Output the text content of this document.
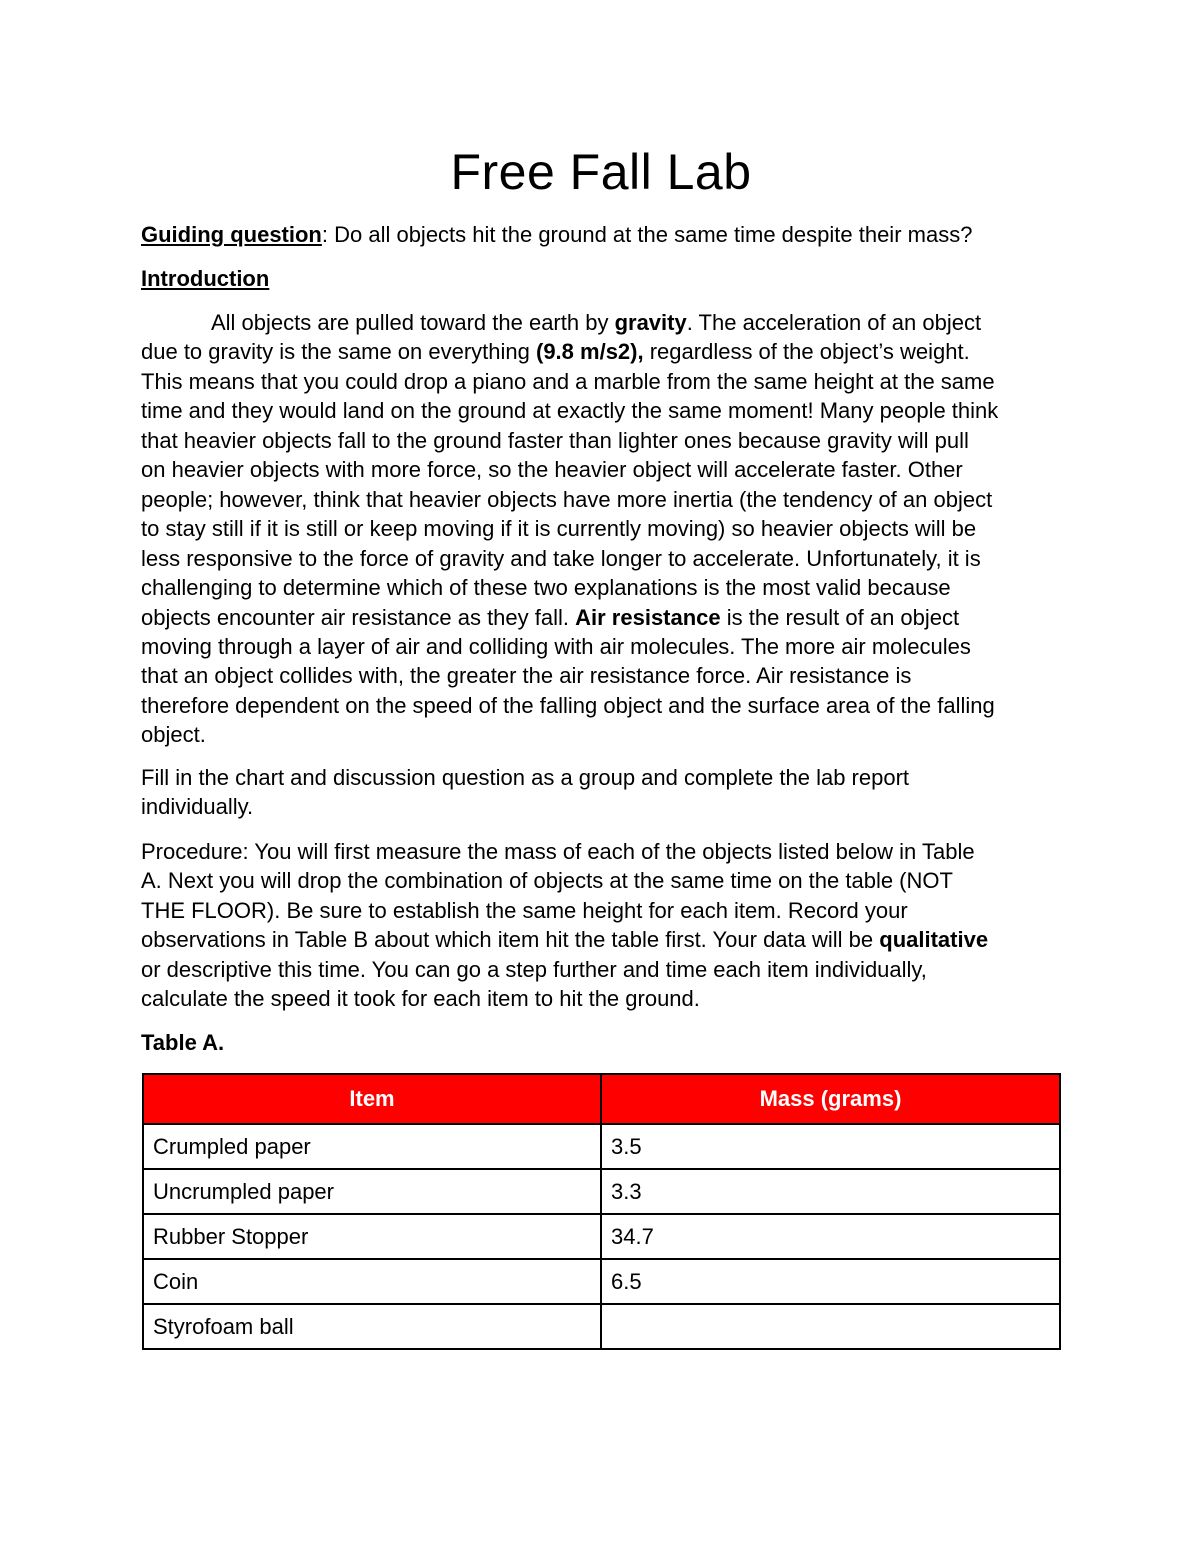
Free Fall Lab
Guiding question: Do all objects hit the ground at the same time despite their mass?
Introduction

All objects are pulled toward the earth by gravity. The acceleration of an object
due to gravity is the same on everything (9.8 m/s2), regardless of the object’s weight.
This means that you could drop a piano and a marble from the same height at the same
time and they would land on the ground at exactly the same moment! Many people think
that heavier objects fall to the ground faster than lighter ones because gravity will pull
on heavier objects with more force, so the heavier object will accelerate faster. Other
people; however, think that heavier objects have more inertia (the tendency of an object
to stay still if it is still or keep moving if it is currently moving) so heavier objects will be
less responsive to the force of gravity and take longer to accelerate. Unfortunately, it is
challenging to determine which of these two explanations is the most valid because
objects encounter air resistance as they fall. Air resistance is the result of an object
moving through a layer of air and colliding with air molecules. The more air molecules
that an object collides with, the greater the air resistance force. Air resistance is
therefore dependent on the speed of the falling object and the surface area of the falling
object.

Fill in the chart and discussion question as a group and complete the lab report
individually.

Procedure: You will first measure the mass of each of the objects listed below in Table
A. Next you will drop the combination of objects at the same time on the table (NOT
THE FLOOR). Be sure to establish the same height for each item. Record your
observations in Table B about which item hit the table first. Your data will be qualitative
or descriptive this time. You can go a step further and time each item individually,
calculate the speed it took for each item to hit the ground.

Table A.
Item	Mass (grams)
Crumpled paper	3.5
Uncrumpled paper	3.3
Rubber Stopper	34.7
Coin	6.5
Styrofoam ball	
